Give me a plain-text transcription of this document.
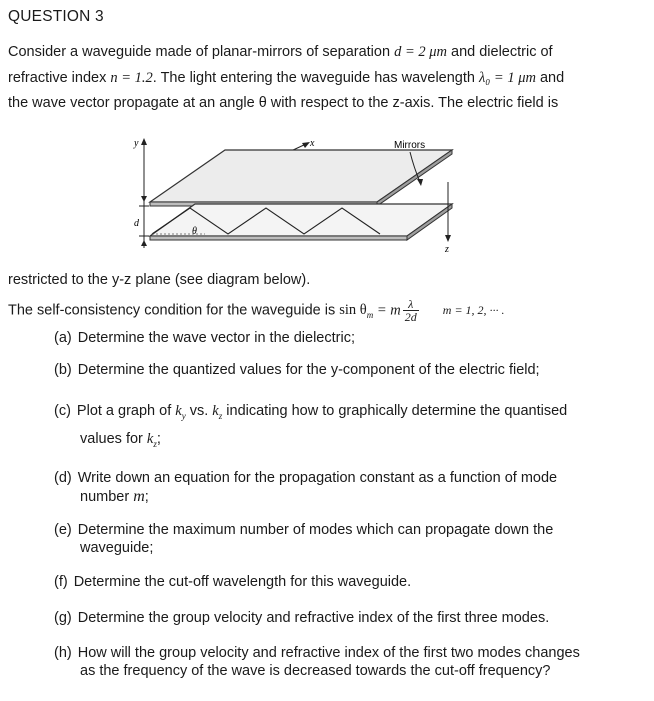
QUESTION 3
Consider a waveguide made of planar-mirrors of separation d = 2 μm and dielectric of
refractive index n = 1.2. The light entering the waveguide has wavelength λ₀ = 1 μm and
the wave vector propagate at an angle θ with respect to the z-axis. The electric field is
y	x
θ
d
z
Mirrors
restricted to the y-z plane (see diagram below).
The self-consistency condition for the waveguide is $\sin \theta_m = m \frac{\lambda}{2d}$ m = 1, 2, ··· .
(a) Determine the wave vector in the dielectric;
(b) Determine the quantized values for the y-component of the electric field;
(c) Plot a graph of $k_y$ vs. $k_z$ indicating how to graphically determine the quantised
values for $k_z$;
(d) Write down an equation for the propagation constant as a function of mode
number m;
(e) Determine the maximum number of modes which can propagate down the
waveguide;
(f) Determine the cut-off wavelength for this waveguide.
(g) Determine the group velocity and refractive index of the first three modes.
(h) How will the group velocity and refractive index of the first two modes changes
as the frequency of the wave is decreased towards the cut-off frequency?
